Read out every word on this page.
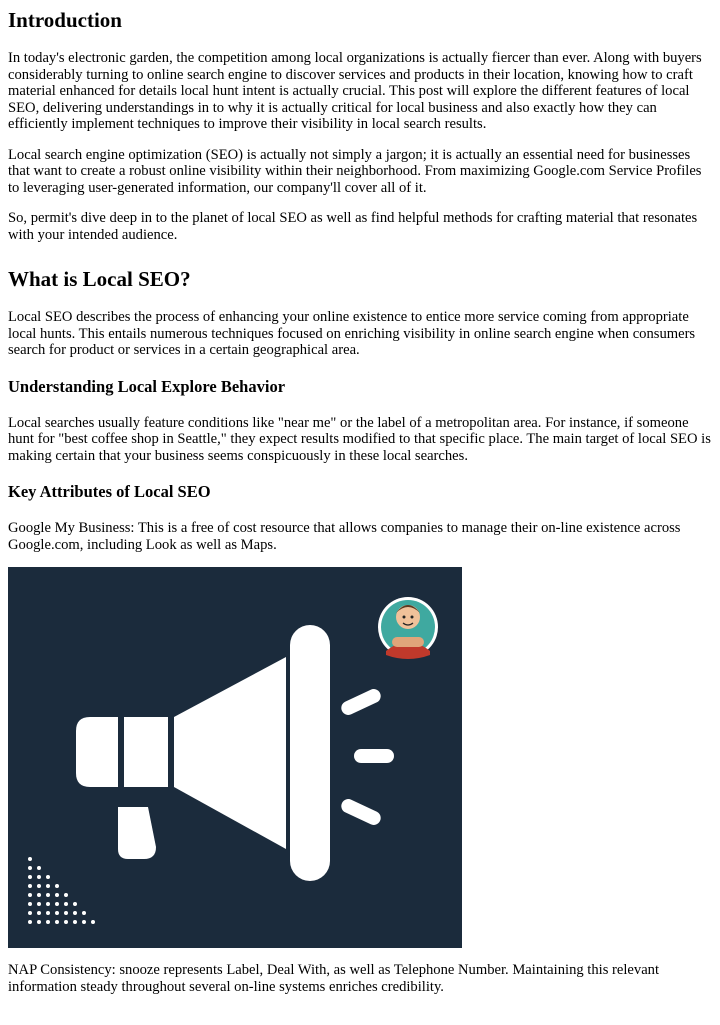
Introduction

In today's electronic garden, the competition among local organizations is actually fiercer than ever. Along with buyers considerably turning to online search engine to discover services and products in their location, knowing how to craft material enhanced for details local hunt intent is actually crucial. This post will explore the different features of local SEO, delivering understandings in to why it is actually critical for local business and also exactly how they can efficiently implement techniques to improve their visibility in local search results.

Local search engine optimization (SEO) is actually not simply a jargon; it is actually an essential need for businesses that want to create a robust online visibility within their neighborhood. From maximizing Google.com Service Profiles to leveraging user-generated information, our company'll cover all of it.

So, permit's dive deep in to the planet of local SEO as well as find helpful methods for crafting material that resonates with your intended audience.

What is Local SEO?

Local SEO describes the process of enhancing your online existence to entice more service coming from appropriate local hunts. This entails numerous techniques focused on enriching visibility in online search engine when consumers search for product or services in a certain geographical area.

Understanding Local Explore Behavior

Local searches usually feature conditions like "near me" or the label of a metropolitan area. For instance, if someone hunt for "best coffee shop in Seattle," they expect results modified to that specific place. The main target of local SEO is making certain that your business seems conspicuously in these local searches.

Key Attributes of Local SEO

Google My Business: This is a free of cost resource that allows companies to manage their on-line existence across Google.com, including Look as well as Maps.

NAP Consistency: snooze represents Label, Deal With, as well as Telephone Number. Maintaining this relevant information steady throughout several on-line systems enriches credibility.
